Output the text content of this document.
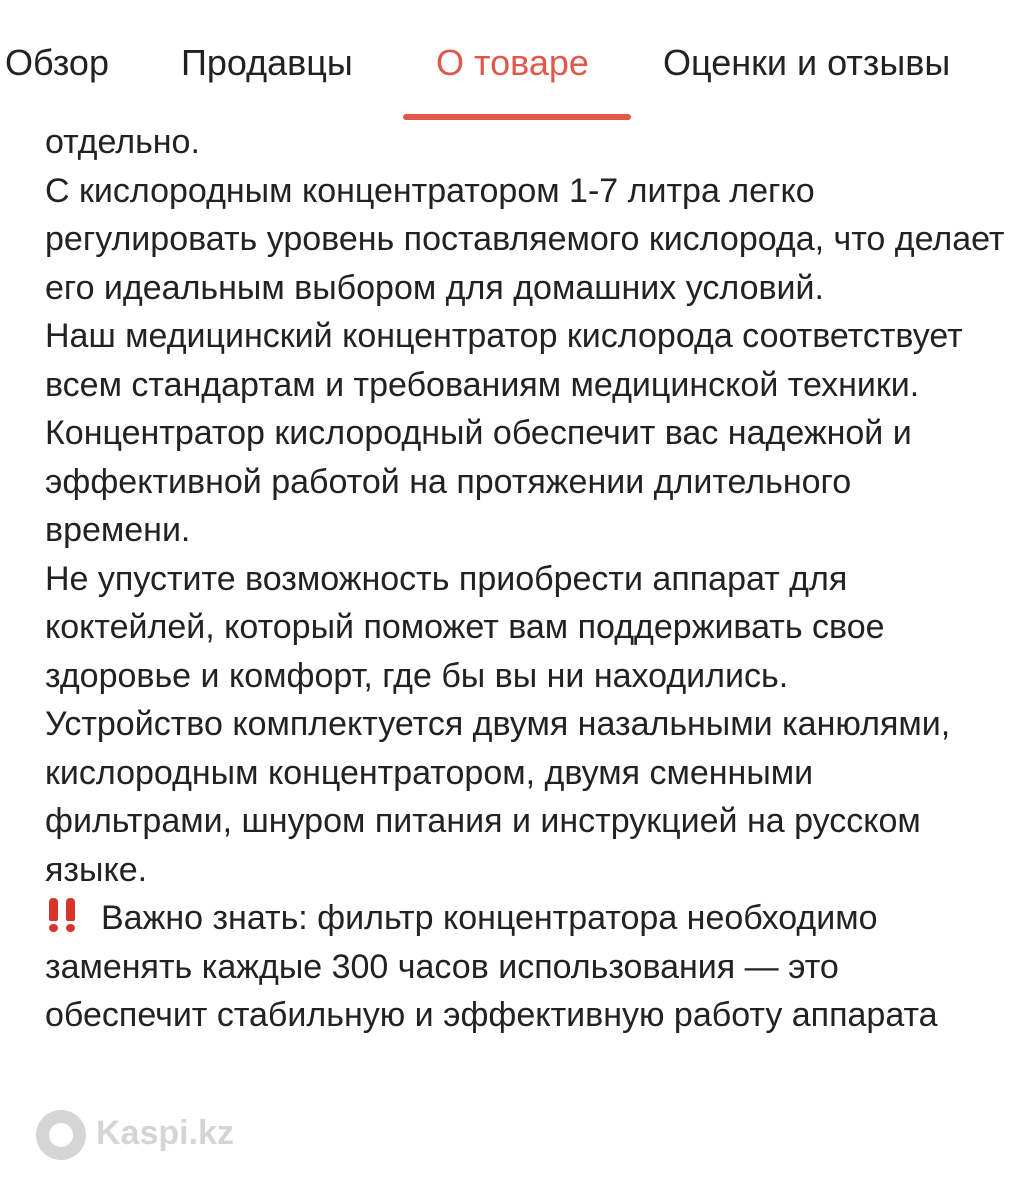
Обзор Продавцы О товаре Оценки и отзывы

отдельно.

С кислородным концентратором 1-7 литра легко регулировать уровень поставляемого кислорода, что делает его идеальным выбором для домашних условий.

Наш медицинский концентратор кислорода соответствует всем стандартам и требованиям медицинской техники. Концентратор кислородный обеспечит вас надежной и эффективной работой на протяжении длительного времени.

Не упустите возможность приобрести аппарат для коктейлей, который поможет вам поддерживать свое здоровье и комфорт, где бы вы ни находились.

Устройство комплектуется двумя назальными канюлями, кислородным концентратором, двумя сменными фильтрами, шнуром питания и инструкцией на русском языке.

Важно знать: фильтр концентратора необходимо заменять каждые 300 часов использования — это обеспечит стабильную и эффективную работу аппарата

Kaspi.kz
